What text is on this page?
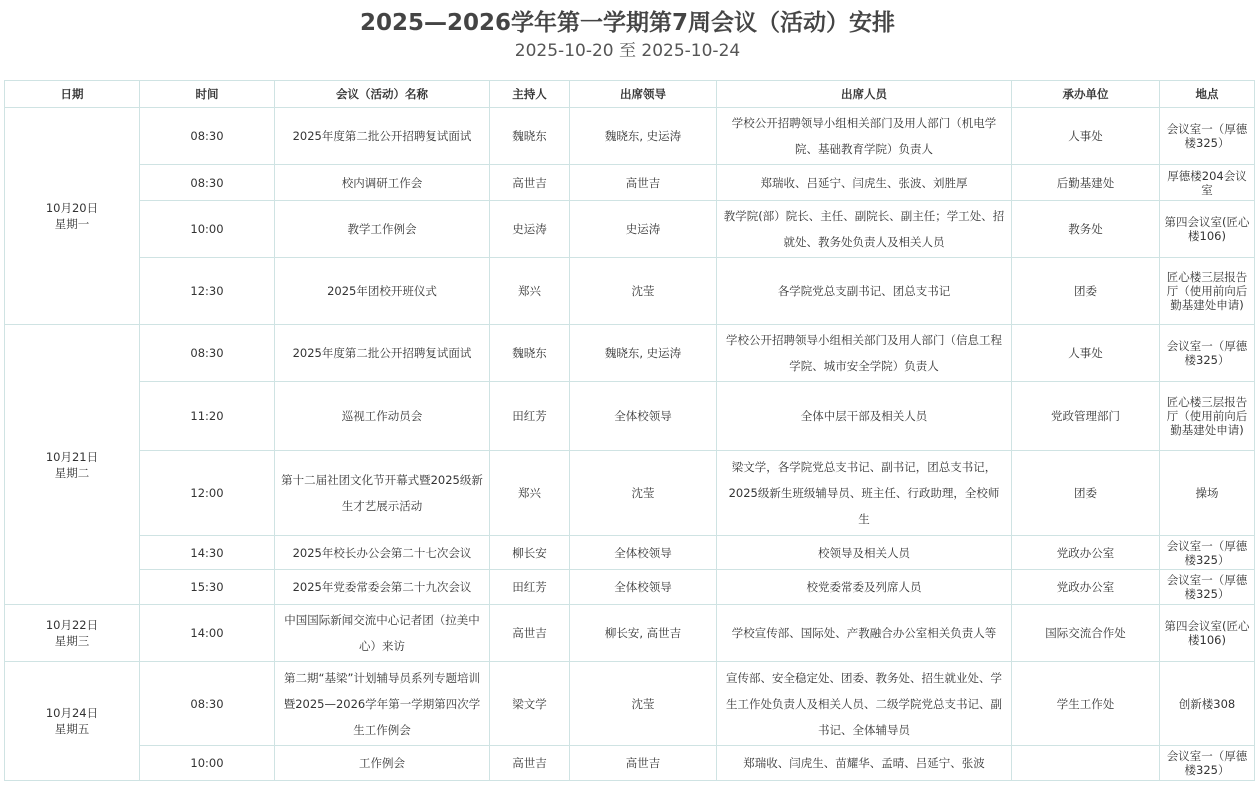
2025—2026学年第一学期第7周会议（活动）安排
2025-10-20 至 2025-10-24
日期	时间	会议（活动）名称	主持人	出席领导	出席人员	承办单位	地点

10月20日
星期一	08:30	2025年度第二批公开招聘复试面试	魏晓东	魏晓东, 史运涛	学校公开招聘领导小组相关部门及用人部门（机电学院、基础教育学院）负责人	人事处	会议室一（厚德楼325）
	08:30	校内调研工作会	高世吉	高世吉	郑瑞收、吕延宁、闫虎生、张波、刘胜厚	后勤基建处	厚德楼204会议室
	10:00	教学工作例会	史运涛	史运涛	教学院(部）院长、主任、副院长、副主任；学工处、招就处、教务处负责人及相关人员	教务处	第四会议室(匠心楼106)
	12:30	2025年团校开班仪式	郑兴	沈莹	各学院党总支副书记、团总支书记	团委	匠心楼三层报告厅（使用前向后勤基建处申请)

10月21日
星期二	08:30	2025年度第二批公开招聘复试面试	魏晓东	魏晓东, 史运涛	学校公开招聘领导小组相关部门及用人部门（信息工程学院、城市安全学院）负责人	人事处	会议室一（厚德楼325）
	11:20	巡视工作动员会	田红芳	全体校领导	全体中层干部及相关人员	党政管理部门	匠心楼三层报告厅（使用前向后勤基建处申请)
	12:00	第十二届社团文化节开幕式暨2025级新生才艺展示活动	郑兴	沈莹	梁文学，各学院党总支书记、副书记，团总支书记，2025级新生班级辅导员、班主任、行政助理，全校师生	团委	操场
	14:30	2025年校长办公会第二十七次会议	柳长安	全体校领导	校领导及相关人员	党政办公室	会议室一（厚德楼325）
	15:30	2025年党委常委会第二十九次会议	田红芳	全体校领导	校党委常委及列席人员	党政办公室	会议室一（厚德楼325）

10月22日
星期三	14:00	中国国际新闻交流中心记者团（拉美中心）来访	高世吉	柳长安, 高世吉	学校宣传部、国际处、产教融合办公室相关负责人等	国际交流合作处	第四会议室(匠心楼106)

10月24日
星期五	08:30	第二期“基梁”计划辅导员系列专题培训暨2025—2026学年第一学期第四次学生工作例会	梁文学	沈莹	宣传部、安全稳定处、团委、教务处、招生就业处、学生工作处负责人及相关人员、二级学院党总支书记、副书记、全体辅导员	学生工作处	创新楼308
	10:00	工作例会	高世吉	高世吉	郑瑞收、闫虎生、苗耀华、孟晴、吕延宁、张波		会议室一（厚德楼325）
